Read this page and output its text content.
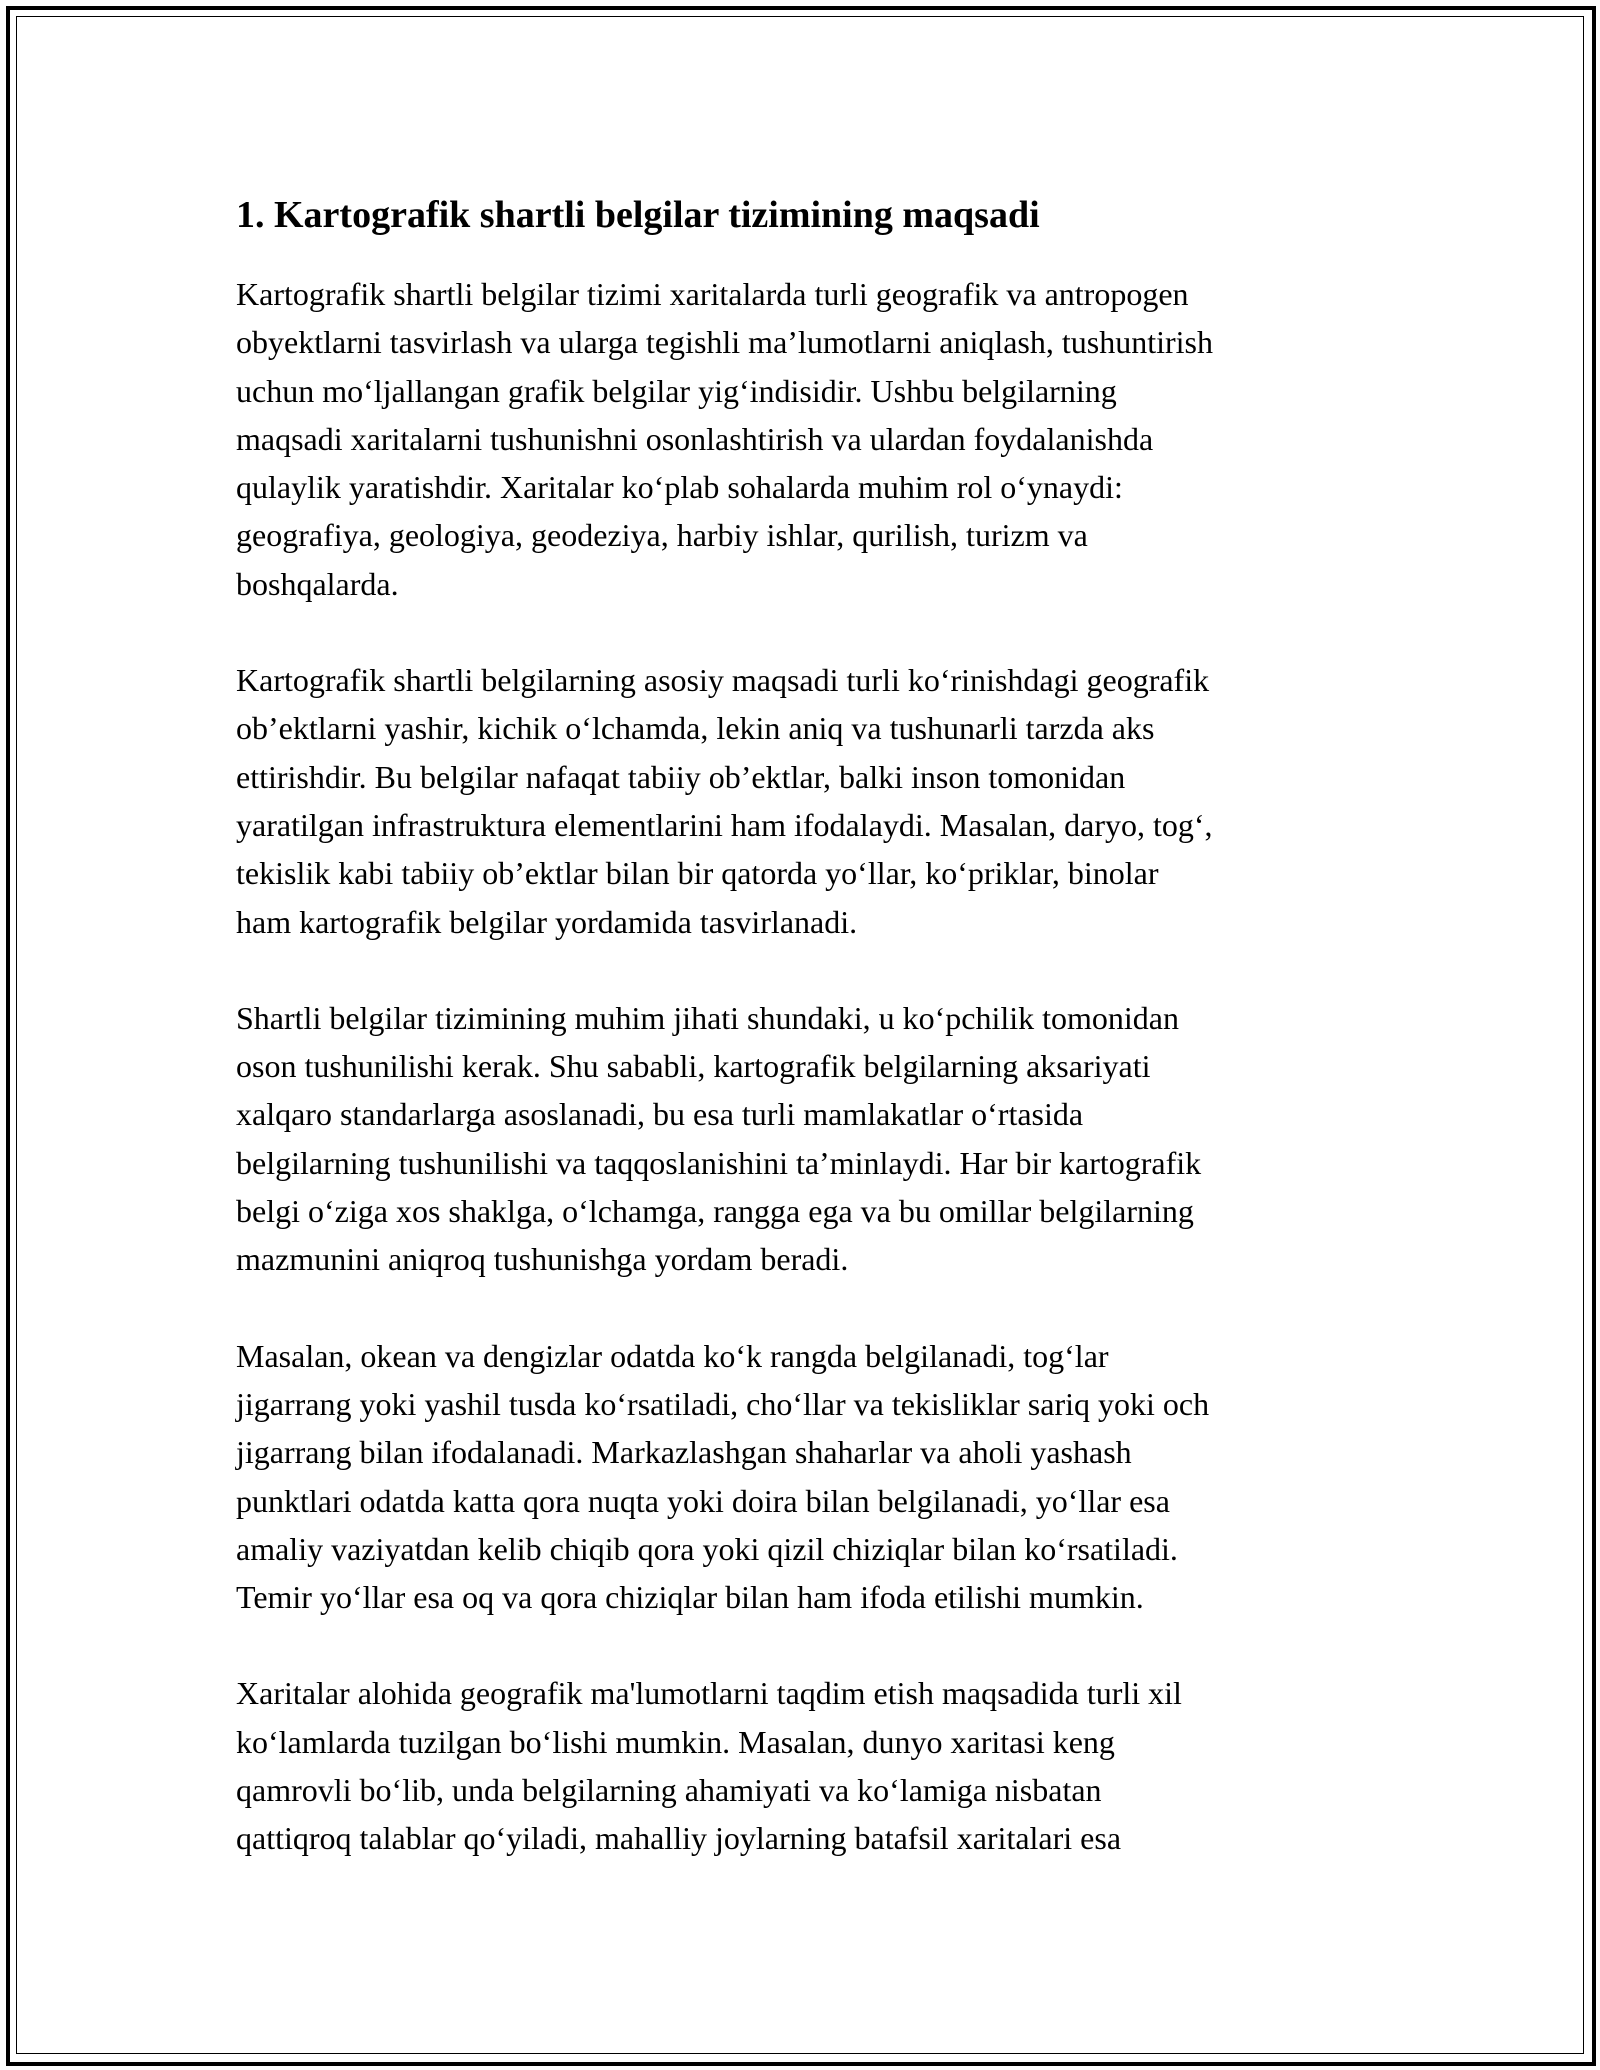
1. Kartografik shartli belgilar tizimining maqsadi

Kartografik shartli belgilar tizimi xaritalarda turli geografik va antropogen
obyektlarni tasvirlash va ularga tegishli ma’lumotlarni aniqlash, tushuntirish
uchun moʻljallangan grafik belgilar yigʻindisidir. Ushbu belgilarning
maqsadi xaritalarni tushunishni osonlashtirish va ulardan foydalanishda
qulaylik yaratishdir. Xaritalar koʻplab sohalarda muhim rol oʻynaydi:
geografiya, geologiya, geodeziya, harbiy ishlar, qurilish, turizm va
boshqalarda.

Kartografik shartli belgilarning asosiy maqsadi turli koʻrinishdagi geografik
ob’ektlarni yashir, kichik oʻlchamda, lekin aniq va tushunarli tarzda aks
ettirishdir. Bu belgilar nafaqat tabiiy ob’ektlar, balki inson tomonidan
yaratilgan infrastruktura elementlarini ham ifodalaydi. Masalan, daryo, togʻ,
tekislik kabi tabiiy ob’ektlar bilan bir qatorda yoʻllar, koʻpriklar, binolar
ham kartografik belgilar yordamida tasvirlanadi.

Shartli belgilar tizimining muhim jihati shundaki, u koʻpchilik tomonidan
oson tushunilishi kerak. Shu sababli, kartografik belgilarning aksariyati
xalqaro standarlarga asoslanadi, bu esa turli mamlakatlar oʻrtasida
belgilarning tushunilishi va taqqoslanishini ta’minlaydi. Har bir kartografik
belgi oʻziga xos shaklga, oʻlchamga, rangga ega va bu omillar belgilarning
mazmunini aniqroq tushunishga yordam beradi.

Masalan, okean va dengizlar odatda koʻk rangda belgilanadi, togʻlar
jigarrang yoki yashil tusda koʻrsatiladi, choʻllar va tekisliklar sariq yoki och
jigarrang bilan ifodalanadi. Markazlashgan shaharlar va aholi yashash
punktlari odatda katta qora nuqta yoki doira bilan belgilanadi, yoʻllar esa
amaliy vaziyatdan kelib chiqib qora yoki qizil chiziqlar bilan koʻrsatiladi.
Temir yoʻllar esa oq va qora chiziqlar bilan ham ifoda etilishi mumkin.

Xaritalar alohida geografik ma'lumotlarni taqdim etish maqsadida turli xil
koʻlamlarda tuzilgan boʻlishi mumkin. Masalan, dunyo xaritasi keng
qamrovli boʻlib, unda belgilarning ahamiyati va koʻlamiga nisbatan
qattiqroq talablar qoʻyiladi, mahalliy joylarning batafsil xaritalari esa
